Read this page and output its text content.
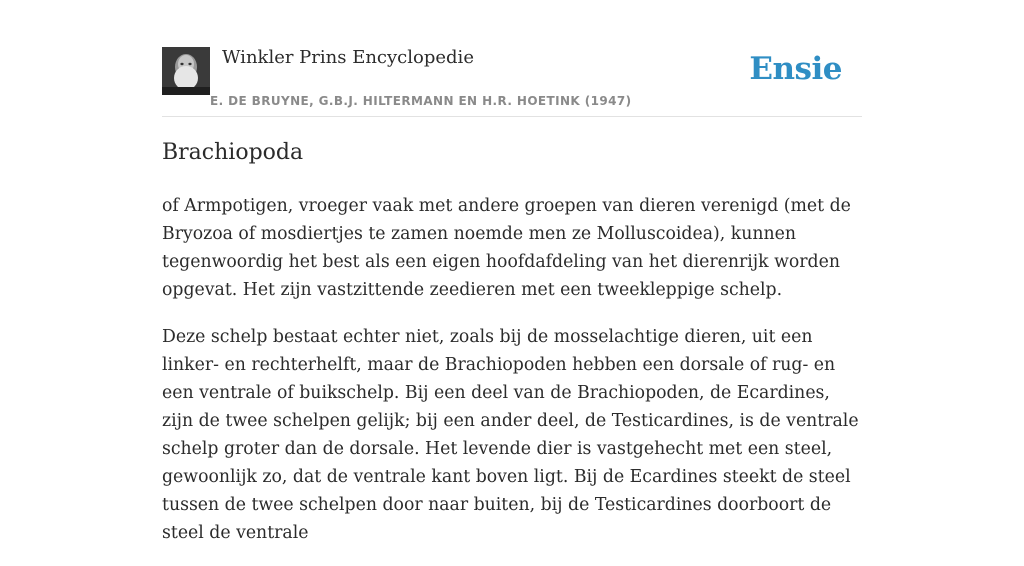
Winkler Prins Encyclopedie
E. DE BRUYNE, G.B.J. HILTERMANN EN H.R. HOETINK (1947)
Ensie
Brachiopoda

of Armpotigen, vroeger vaak met andere groepen van dieren verenigd (met de Bryozoa of mosdiertjes te zamen noemde men ze Molluscoidea), kunnen tegenwoordig het best als een eigen hoofdafdeling van het dierenrijk worden opgevat. Het zijn vastzittende zeedieren met een tweekleppige schelp.

Deze schelp bestaat echter niet, zoals bij de mosselachtige dieren, uit een linker- en rechterhelft, maar de Brachiopoden hebben een dorsale of rug- en een ventrale of buikschelp. Bij een deel van de Brachiopoden, de Ecardines, zijn de twee schelpen gelijk; bij een ander deel, de Testicardines, is de ventrale schelp groter dan de dorsale. Het levende dier is vastgehecht met een steel, gewoonlijk zo, dat de ventrale kant boven ligt. Bij de Ecardines steekt de steel tussen de twee schelpen door naar buiten, bij de Testicardines doorboort de steel de ventrale
